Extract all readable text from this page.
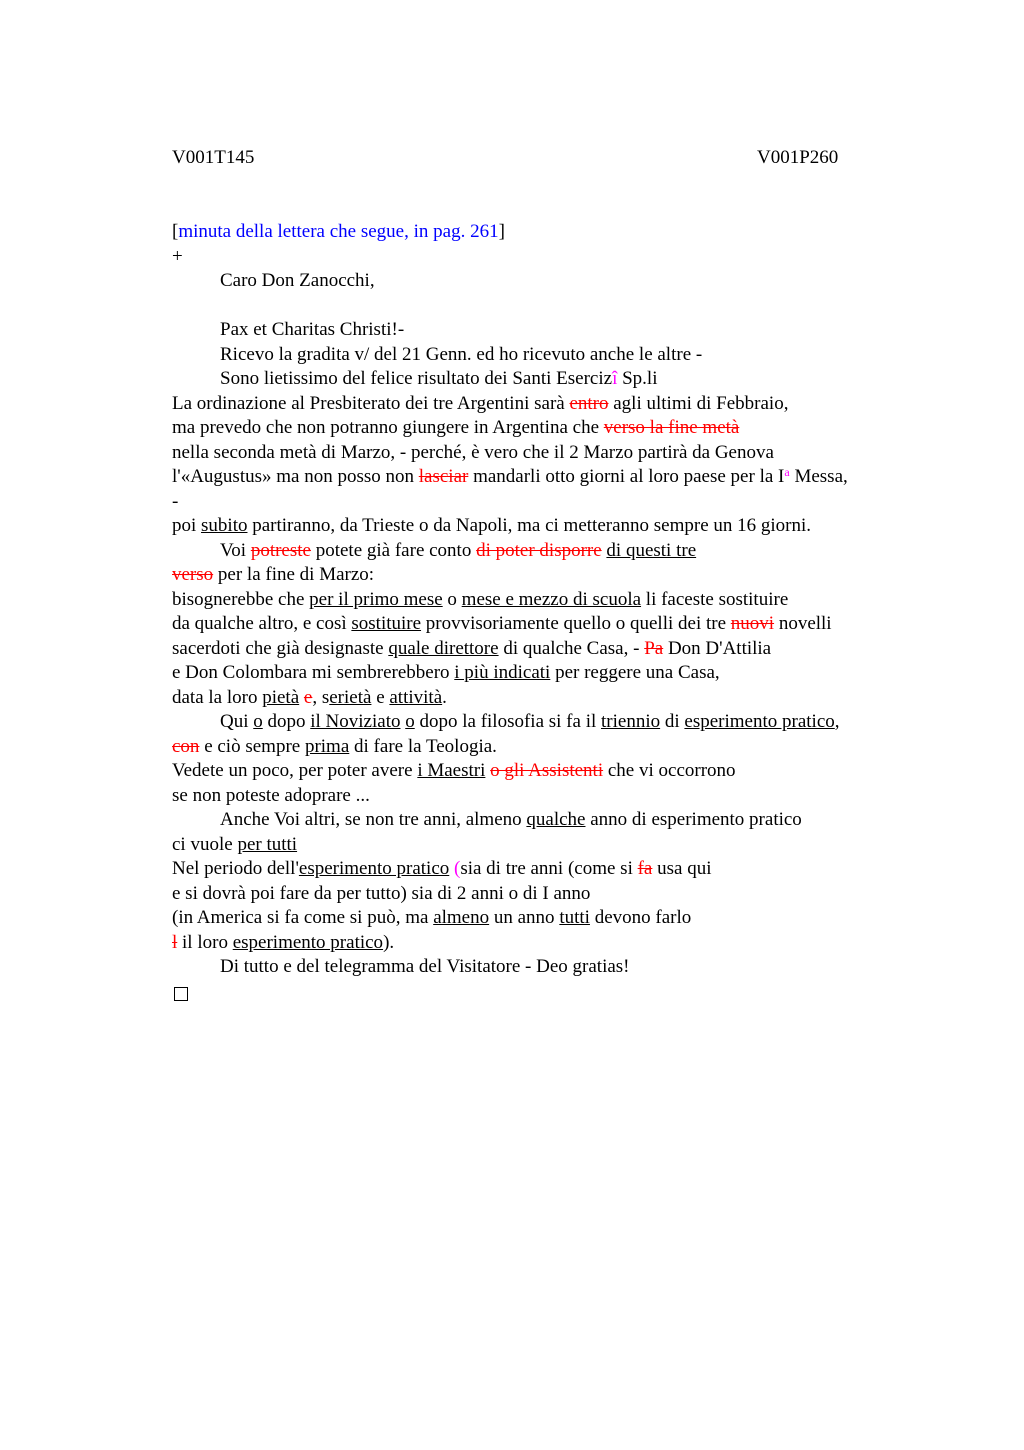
V001T145	V001P260
[minuta della lettera che segue, in pag. 261]
+
Caro Don Zanocchi,
Pax et Charitas Christi!-
Ricevo la gradita v/ del 21 Genn. ed ho ricevuto anche le altre -
Sono lietissimo del felice risultato dei Santi Esercizî Sp.li
La ordinazione al Presbiterato dei tre Argentini sarà entro agli ultimi di Febbraio,
ma prevedo che non potranno giungere in Argentina che verso la fine metà
nella seconda metà di Marzo, - perché, è vero che il 2 Marzo partirà da Genova
l'«Augustus» ma non posso non lasciar mandarli otto giorni al loro paese per la $I^a$ Messa,
-
poi subito partiranno, da Trieste o da Napoli, ma ci metteranno sempre un 16 giorni.
Voi potreste potete già fare conto di poter disporre di questi tre
verso per la fine di Marzo:
bisognerebbe che per il primo mese o mese e mezzo di scuola li faceste sostituire
da qualche altro, e così sostituire provvisoriamente quello o quelli dei tre nuovi novelli
sacerdoti che già designaste quale direttore di qualche Casa, - Pa Don D'Attilia
e Don Colombara mi sembrerebbero i più indicati per reggere una Casa,
data la loro pietà e, serietà e attività.
Qui o dopo il Noviziato o dopo la filosofia si fa il triennio di esperimento pratico,
con e ciò sempre prima di fare la Teologia.
Vedete un poco, per poter avere i Maestri o gli Assistenti che vi occorrono
se non poteste adoprare ...
Anche Voi altri, se non tre anni, almeno qualche anno di esperimento pratico
ci vuole per tutti
Nel periodo dell'esperimento pratico (sia di tre anni (come si fa usa qui
e si dovrà poi fare da per tutto) sia di 2 anni o di I anno
(in America si fa come si può, ma almeno un anno tutti devono farlo
l il loro esperimento pratico).
Di tutto e del telegramma del Visitatore - Deo gratias!
